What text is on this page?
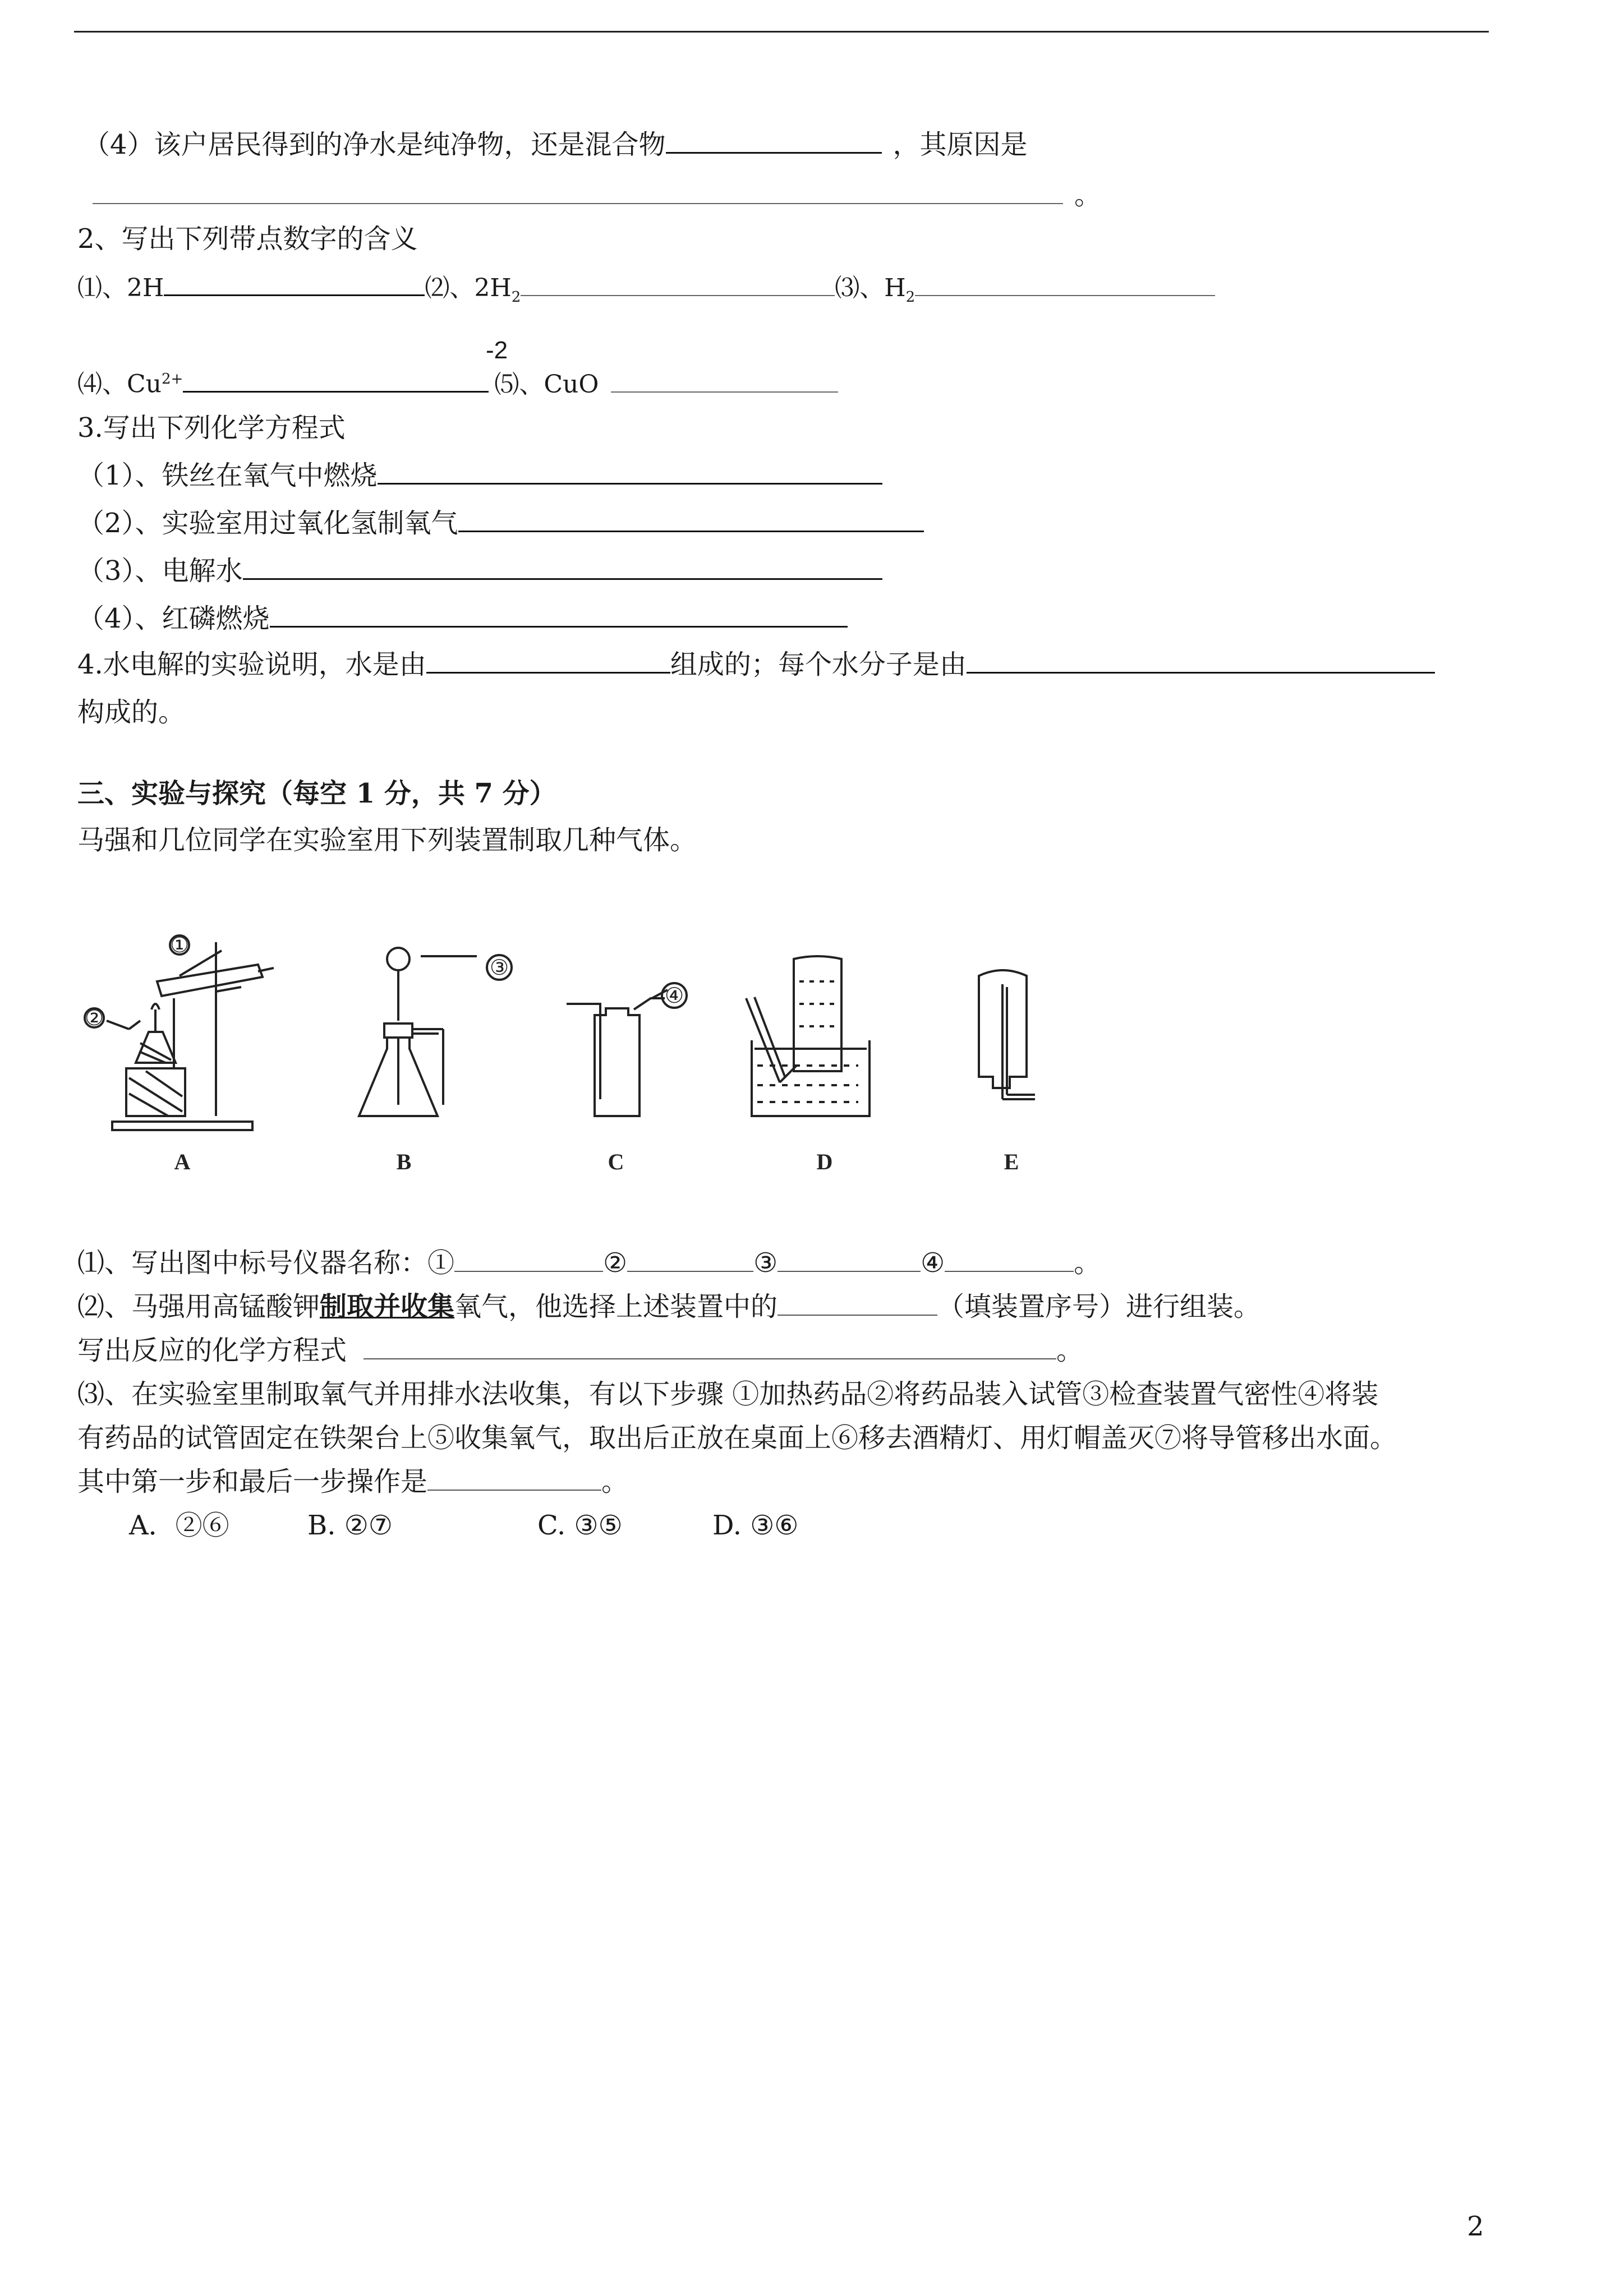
（4）该户居民得到的净水是纯净物，还是混合物	，其原因是
。
2、写出下列带点数字的含义
⑴、2H	⑵、$2H_2$	⑶、$H_2$
-2
⑷、$Cu^{2+}$	⑸、CuO
3.写出下列化学方程式
（1）、铁丝在氧气中燃烧
（2）、实验室用过氧化氢制氧气
（3）、电解水
（4）、红磷燃烧
4.水电解的实验说明，水是由	组成的；每个水分子是由
构成的。
三、实验与探究（每空 1 分，共 7 分）
马强和几位同学在实验室用下列装置制取几种气体。
①
②
③
④
A	B	C	D	E
⑴、写出图中标号仪器名称：①	②	③	④	。
⑵、马强用高锰酸钾制取并收集氧气，他选择上述装置中的	（填装置序号）进行组装。
写出反应的化学方程式	。
⑶、在实验室里制取氧气并用排水法收集，有以下步骤 ①加热药品②将药品装入试管③检查装置气密性④将装
有药品的试管固定在铁架台上⑤收集氧气，取出后正放在桌面上⑥移去酒精灯、用灯帽盖灭⑦将导管移出水面。
其中第一步和最后一步操作是	。
A．②⑥	B. ②⑦	C. ③⑤	D. ③⑥
2
